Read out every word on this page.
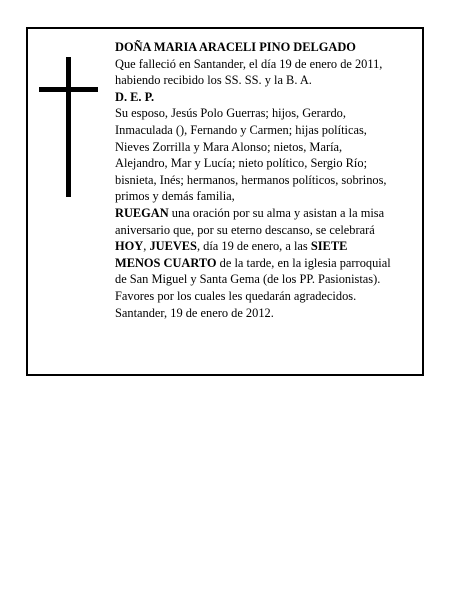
DOÑA MARIA ARACELI PINO DELGADO
Que falleció en Santander, el día 19 de enero de 2011,
habiendo recibido los SS. SS. y la B. A.
D. E. P.
Su esposo, Jesús Polo Guerras; hijos, Gerardo,
Inmaculada (), Fernando y Carmen; hijas políticas,
Nieves Zorrilla y Mara Alonso; nietos, María,
Alejandro, Mar y Lucía; nieto político, Sergio Río;
bisnieta, Inés; hermanos, hermanos políticos, sobrinos,
primos y demás familia,
RUEGAN una oración por su alma y asistan a la misa
aniversario que, por su eterno descanso, se celebrará
HOY, JUEVES, día 19 de enero, a las SIETE
MENOS CUARTO de la tarde, en la iglesia parroquial
de San Miguel y Santa Gema (de los PP. Pasionistas).
Favores por los cuales les quedarán agradecidos.
Santander, 19 de enero de 2012.
